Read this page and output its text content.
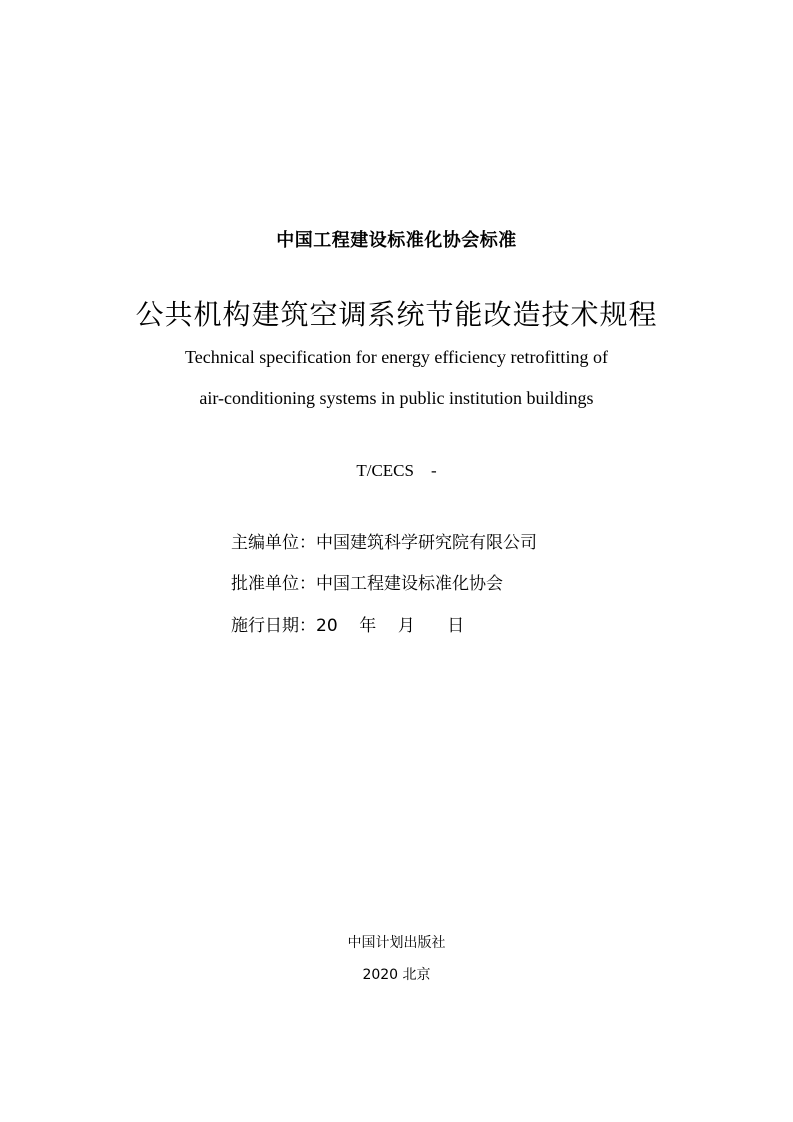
中国工程建设标准化协会标准
公共机构建筑空调系统节能改造技术规程
Technical specification for energy efficiency retrofitting of
air-conditioning systems in public institution buildings
T/CECS    -
主编单位：中国建筑科学研究院有限公司
批准单位：中国工程建设标准化协会
施行日期：20    年    月      日
中国计划出版社
2020 北京
